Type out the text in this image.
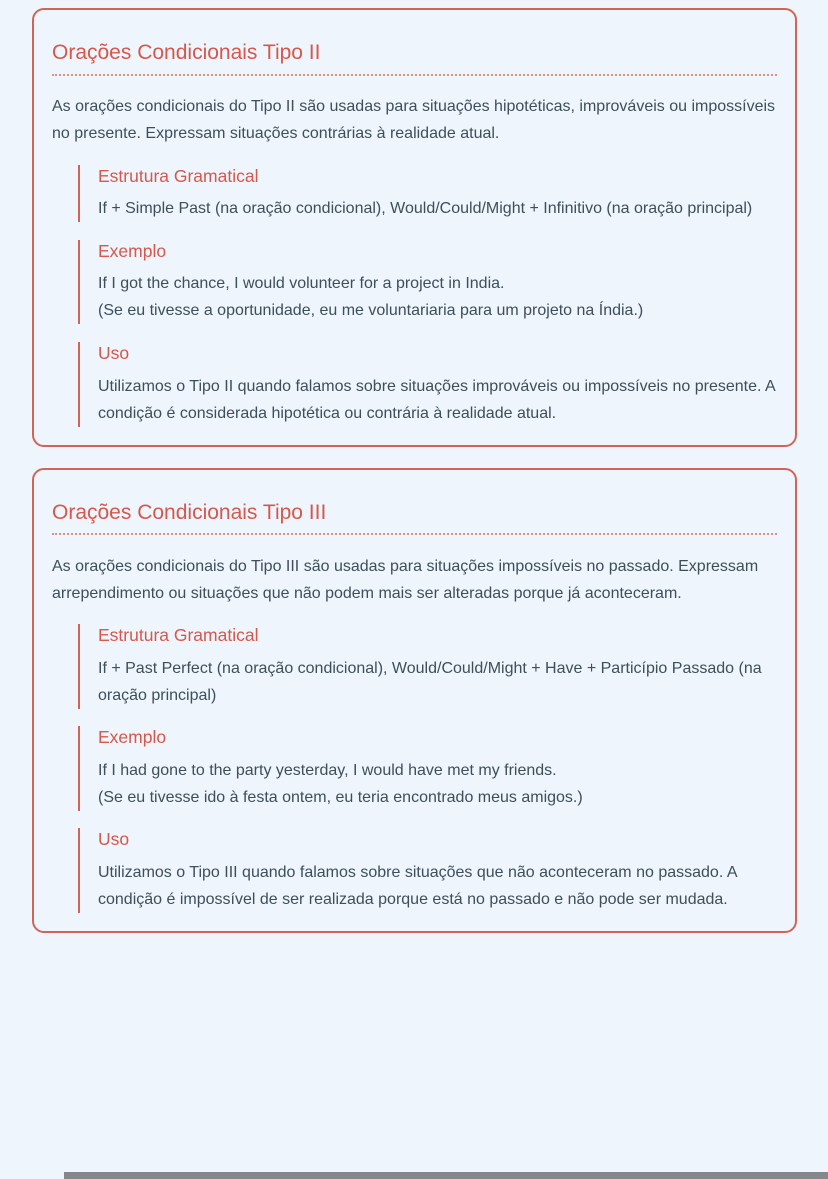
Orações Condicionais Tipo II

As orações condicionais do Tipo II são usadas para situações hipotéticas, improváveis ou impossíveis no presente. Expressam situações contrárias à realidade atual.

Estrutura Gramatical
If + Simple Past (na oração condicional), Would/Could/Might + Infinitivo (na oração principal)
Exemplo
If I got the chance, I would volunteer for a project in India.
(Se eu tivesse a oportunidade, eu me voluntariaria para um projeto na Índia.)
Uso
Utilizamos o Tipo II quando falamos sobre situações improváveis ou impossíveis no presente. A condição é considerada hipotética ou contrária à realidade atual.
Orações Condicionais Tipo III

As orações condicionais do Tipo III são usadas para situações impossíveis no passado. Expressam arrependimento ou situações que não podem mais ser alteradas porque já aconteceram.

Estrutura Gramatical
If + Past Perfect (na oração condicional), Would/Could/Might + Have + Particípio Passado (na oração principal)
Exemplo
If I had gone to the party yesterday, I would have met my friends.
(Se eu tivesse ido à festa ontem, eu teria encontrado meus amigos.)
Uso
Utilizamos o Tipo III quando falamos sobre situações que não aconteceram no passado. A condição é impossível de ser realizada porque está no passado e não pode ser mudada.
